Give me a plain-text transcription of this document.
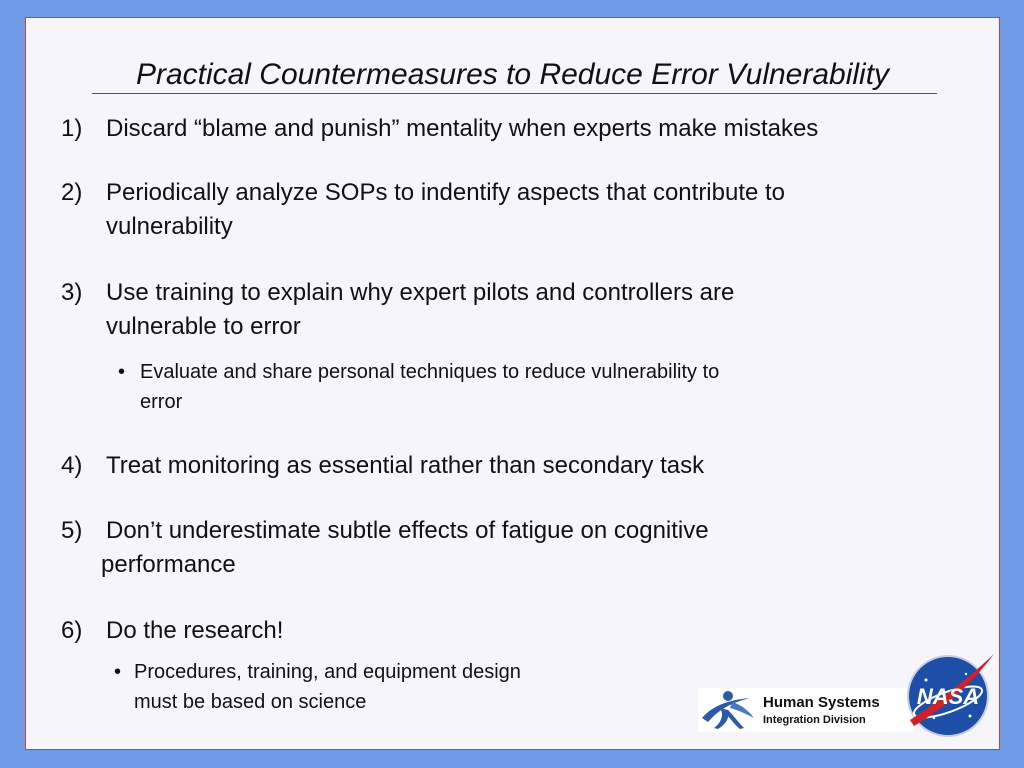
Practical Countermeasures to Reduce Error Vulnerability
1) Discard “blame and punish” mentality when experts make mistakes
2) Periodically analyze SOPs to indentify aspects that contribute to
vulnerability
3) Use training to explain why expert pilots and controllers are
vulnerable to error
• Evaluate and share personal techniques to reduce vulnerability to
error
4) Treat monitoring as essential rather than secondary task
5) Don’t underestimate subtle effects of fatigue on cognitive
performance
6) Do the research!
• Procedures, training, and equipment design
must be based on science	Human Systems
Integration Division
NASA
